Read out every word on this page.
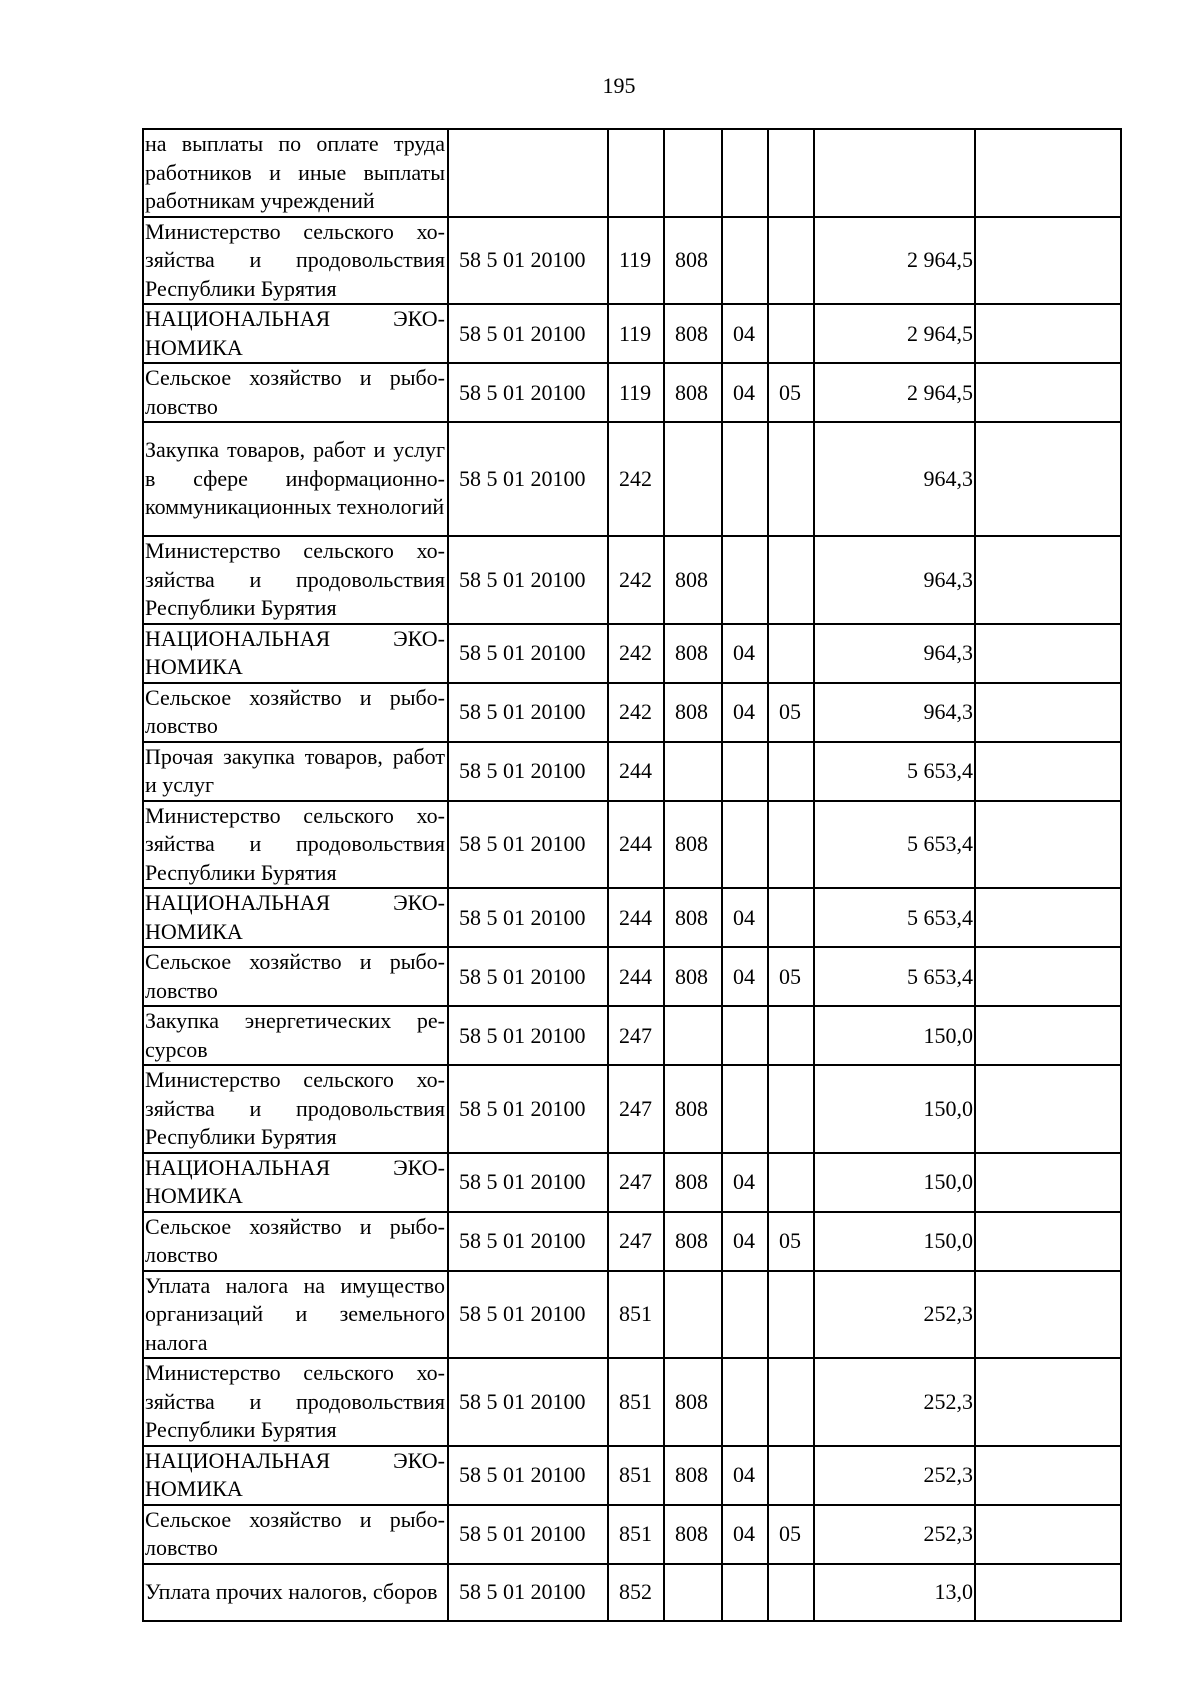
195
на выплаты по оплате труда работников и иные выплаты работникам учреждений							
Министерство сельского хозяйства и продовольствия Республики Бурятия	58 5 01 20100	119	808			2 964,5	
НАЦИОНАЛЬНАЯ ЭКОНОМИКА	58 5 01 20100	119	808	04		2 964,5	
Сельское хозяйство и рыболовство	58 5 01 20100	119	808	04	05	2 964,5	
Закупка товаров, работ и услуг в сфере информационно-коммуникационных технологий	58 5 01 20100	242				964,3	
Министерство сельского хозяйства и продовольствия Республики Бурятия	58 5 01 20100	242	808			964,3	
НАЦИОНАЛЬНАЯ ЭКОНОМИКА	58 5 01 20100	242	808	04		964,3	
Сельское хозяйство и рыболовство	58 5 01 20100	242	808	04	05	964,3	
Прочая закупка товаров, работ и услуг	58 5 01 20100	244				5 653,4	
Министерство сельского хозяйства и продовольствия Республики Бурятия	58 5 01 20100	244	808			5 653,4	
НАЦИОНАЛЬНАЯ ЭКОНОМИКА	58 5 01 20100	244	808	04		5 653,4	
Сельское хозяйство и рыболовство	58 5 01 20100	244	808	04	05	5 653,4	
Закупка энергетических ресурсов	58 5 01 20100	247				150,0	
Министерство сельского хозяйства и продовольствия Республики Бурятия	58 5 01 20100	247	808			150,0	
НАЦИОНАЛЬНАЯ ЭКОНОМИКА	58 5 01 20100	247	808	04		150,0	
Сельское хозяйство и рыболовство	58 5 01 20100	247	808	04	05	150,0	
Уплата налога на имущество организаций и земельного налога	58 5 01 20100	851				252,3	
Министерство сельского хозяйства и продовольствия Республики Бурятия	58 5 01 20100	851	808			252,3	
НАЦИОНАЛЬНАЯ ЭКОНОМИКА	58 5 01 20100	851	808	04		252,3	
Сельское хозяйство и рыболовство	58 5 01 20100	851	808	04	05	252,3	
Уплата прочих налогов, сборов	58 5 01 20100	852				13,0	
